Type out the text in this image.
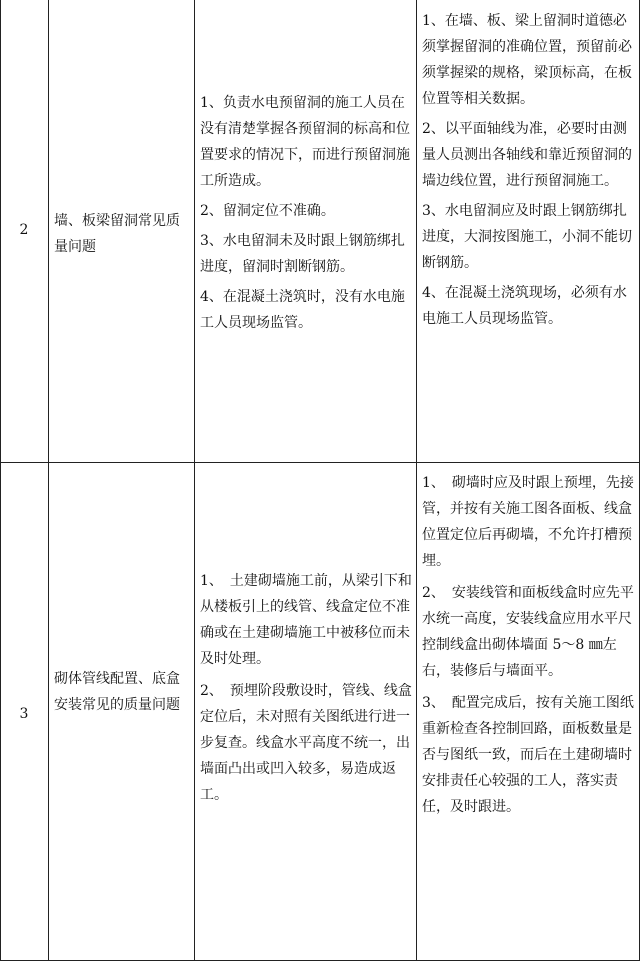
2
墙、板梁留洞常见质量问题
1、负责水电预留洞的施工人员在没有清楚掌握各预留洞的标高和位置要求的情况下，而进行预留洞施工所造成。
2、留洞定位不准确。
3、水电留洞未及时跟上钢筋绑扎进度，留洞时割断钢筋。
4、在混凝土浇筑时，没有水电施工人员现场监管。
1、在墙、板、梁上留洞时道德必须掌握留洞的准确位置，预留前必须掌握梁的规格，梁顶标高，在板位置等相关数据。
2、以平面轴线为准，必要时由测量人员测出各轴线和靠近预留洞的墙边线位置，进行预留洞施工。
3、水电留洞应及时跟上钢筋绑扎进度，大洞按图施工，小洞不能切断钢筋。
4、在混凝土浇筑现场，必须有水电施工人员现场监管。
3
砌体管线配置、底盒安装常见的质量问题
1、　土建砌墙施工前，从梁引下和从楼板引上的线管、线盒定位不准确或在土建砌墙施工中被移位而未及时处理。
2、　预埋阶段敷设时，管线、线盒定位后，未对照有关图纸进行进一步复查。线盒水平高度不统一，出墙面凸出或凹入较多，易造成返工。
1、　砌墙时应及时跟上预埋，先接管，并按有关施工图各面板、线盒位置定位后再砌墙，不允许打槽预埋。
2、　安装线管和面板线盒时应先平水统一高度，安装线盒应用水平尺控制线盒出砌体墙面 5～8 ㎜左右，装修后与墙面平。
3、　配置完成后，按有关施工图纸重新检查各控制回路，面板数量是否与图纸一致，而后在土建砌墙时安排责任心较强的工人，落实责任，及时跟进。
